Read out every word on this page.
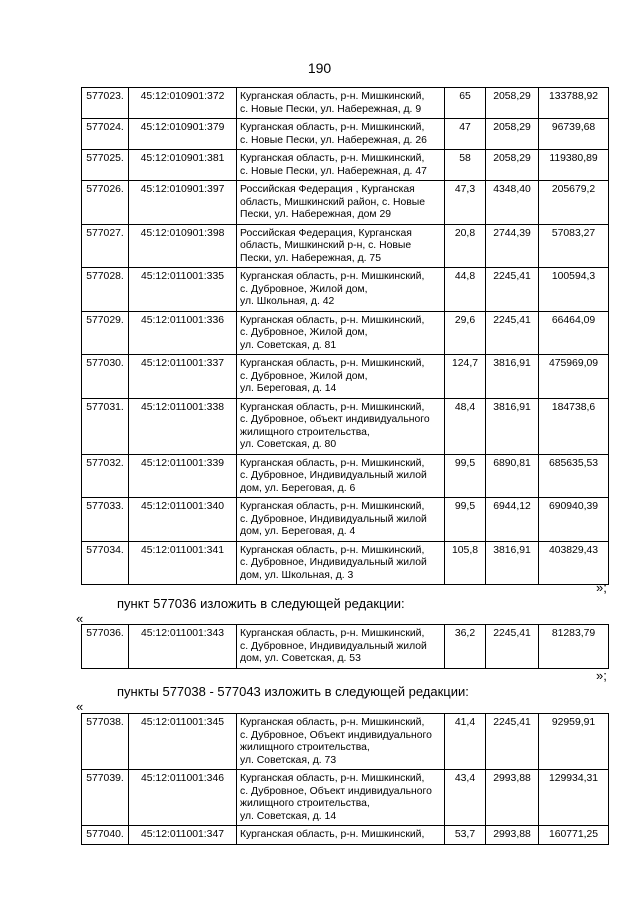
190
577023.	45:12:010901:372	Курганская область, р-н. Мишкинский,
с. Новые Пески, ул. Набережная, д. 9	65	2058,29	133788,92
577024.	45:12:010901:379	Курганская область, р-н. Мишкинский,
с. Новые Пески, ул. Набережная, д. 26	47	2058,29	96739,68
577025.	45:12:010901:381	Курганская область, р-н. Мишкинский,
с. Новые Пески, ул. Набережная, д. 47	58	2058,29	119380,89
577026.	45:12:010901:397	Российская Федерация , Курганская
область, Мишкинский район, с. Новые
Пески, ул. Набережная, дом 29	47,3	4348,40	205679,2
577027.	45:12:010901:398	Российская Федерация, Курганская
область, Мишкинский р-н, с. Новые
Пески, ул. Набережная, д. 75	20,8	2744,39	57083,27
577028.	45:12:011001:335	Курганская область, р-н. Мишкинский,
с. Дубровное, Жилой дом,
ул. Школьная, д. 42	44,8	2245,41	100594,3
577029.	45:12:011001:336	Курганская область, р-н. Мишкинский,
с. Дубровное, Жилой дом,
ул. Советская, д. 81	29,6	2245,41	66464,09
577030.	45:12:011001:337	Курганская область, р-н. Мишкинский,
с. Дубровное, Жилой дом,
ул. Береговая, д. 14	124,7	3816,91	475969,09
577031.	45:12:011001:338	Курганская область, р-н. Мишкинский,
с. Дубровное, объект индивидуального
жилищного строительства,
ул. Советская, д. 80	48,4	3816,91	184738,6
577032.	45:12:011001:339	Курганская область, р-н. Мишкинский,
с. Дубровное, Индивидуальный жилой
дом, ул. Береговая, д. 6	99,5	6890,81	685635,53
577033.	45:12:011001:340	Курганская область, р-н. Мишкинский,
с. Дубровное, Индивидуальный жилой
дом, ул. Береговая, д. 4	99,5	6944,12	690940,39
577034.	45:12:011001:341	Курганская область, р-н. Мишкинский,
с. Дубровное, Индивидуальный жилой
дом, ул. Школьная, д. 3	105,8	3816,91	403829,43
»;
пункт 577036 изложить в следующей редакции:
«
577036.	45:12:011001:343	Курганская область, р-н. Мишкинский,
с. Дубровное, Индивидуальный жилой
дом, ул. Советская, д. 53
	36,2	2245,41	81283,79
»;
пункты 577038 - 577043 изложить в следующей редакции:
«
577038.	45:12:011001:345	Курганская область, р-н. Мишкинский,
с. Дубровное, Объект индивидуального
жилищного строительства,
ул. Советская, д. 73	41,4	2245,41	92959,91
577039.	45:12:011001:346	Курганская область, р-н. Мишкинский,
с. Дубровное, Объект индивидуального
жилищного строительства,
ул. Советская, д. 14	43,4	2993,88	129934,31
577040.	45:12:011001:347	Курганская область, р-н. Мишкинский,	53,7	2993,88	160771,25
